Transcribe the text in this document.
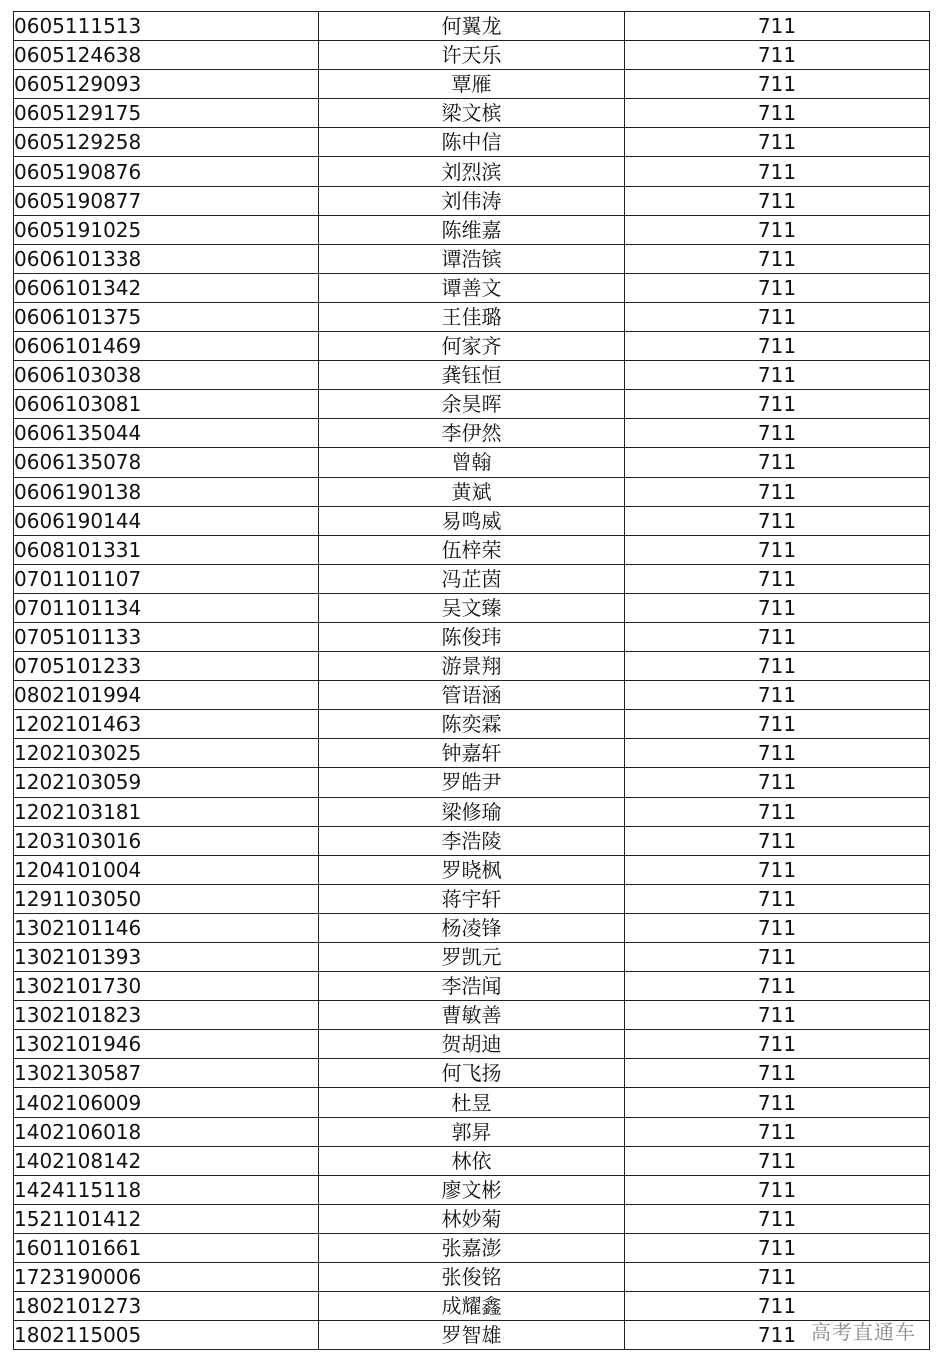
0605111513	何翼龙	711
0605124638	许天乐	711
0605129093	覃雁	711
0605129175	梁文槟	711
0605129258	陈中信	711
0605190876	刘烈滨	711
0605190877	刘伟涛	711
0605191025	陈维嘉	711
0606101338	谭浩镔	711
0606101342	谭善文	711
0606101375	王佳璐	711
0606101469	何家齐	711
0606103038	龚钰恒	711
0606103081	余昊晖	711
0606135044	李伊然	711
0606135078	曾翰	711
0606190138	黄斌	711
0606190144	易鸣威	711
0608101331	伍梓荣	711
0701101107	冯芷茵	711
0701101134	吴文臻	711
0705101133	陈俊玮	711
0705101233	游景翔	711
0802101994	管语涵	711
1202101463	陈奕霖	711
1202103025	钟嘉轩	711
1202103059	罗皓尹	711
1202103181	梁修瑜	711
1203103016	李浩陵	711
1204101004	罗晓枫	711
1291103050	蒋宇轩	711
1302101146	杨凌锋	711
1302101393	罗凯元	711
1302101730	李浩闻	711
1302101823	曹敏善	711
1302101946	贺胡迪	711
1302130587	何飞扬	711
1402106009	杜昱	711
1402106018	郭昇	711
1402108142	林依	711
1424115118	廖文彬	711
1521101412	林妙菊	711
1601101661	张嘉澎	711
1723190006	张俊铭	711
1802101273	成耀鑫	711
1802115005	罗智雄	711 高考直通车
